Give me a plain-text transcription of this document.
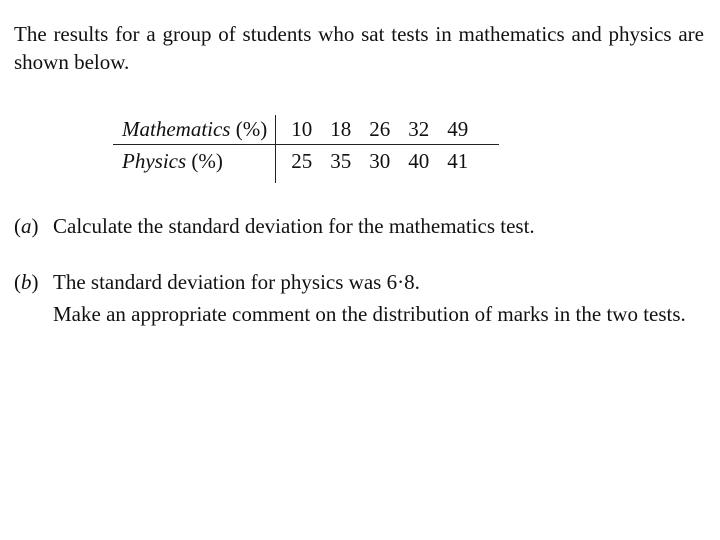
The results for a group of students who sat tests in mathematics and physics are shown below.

Mathematics (%)	10	18	26	32	49	
Physics (%)	25	35	30	40	41	
(a) Calculate the standard deviation for the mathematics test.

(b) The standard deviation for physics was 6·8.

Make an appropriate comment on the distribution of marks in the two tests.
